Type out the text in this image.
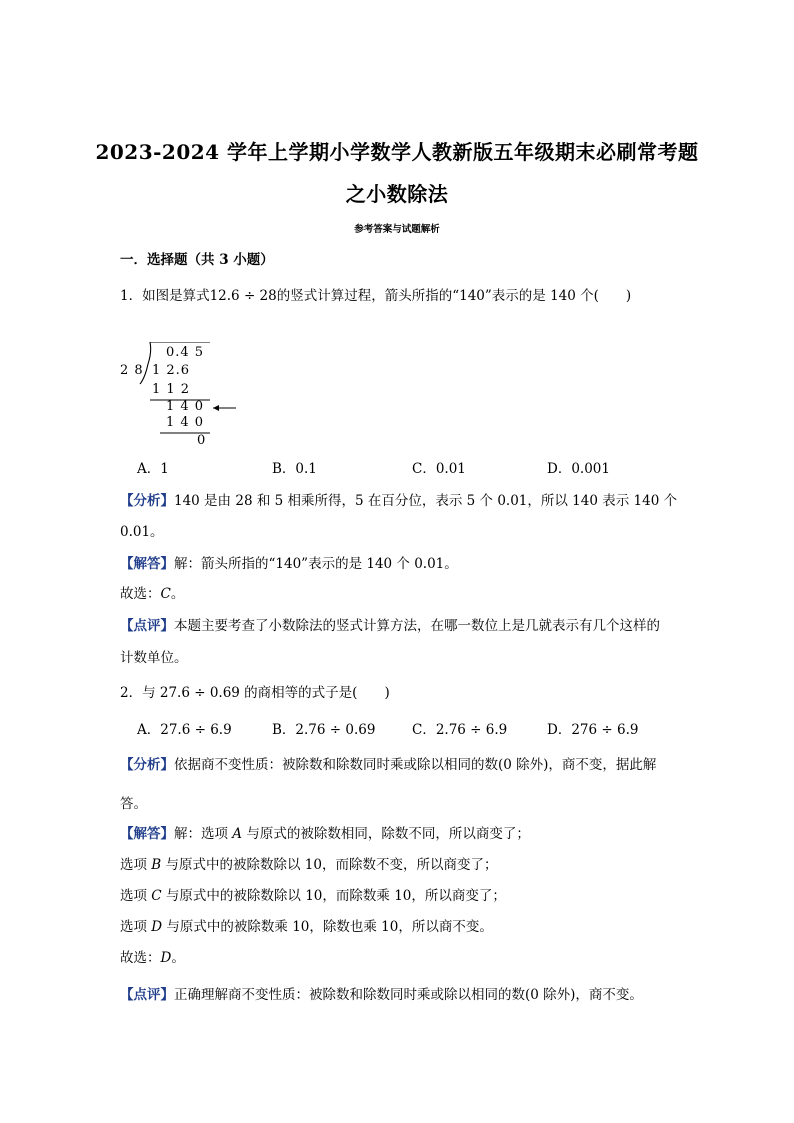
2023-2024 学年上学期小学数学人教新版五年级期末必刷常考题
之小数除法
参考答案与试题解析
一．选择题（共 3 小题）
1．如图是算式12.6 ÷ 28的竖式计算过程，箭头所指的“140”表示的是 140 个(　　)
0.4 5
2 8 1 2.6
1 1 2
1 4 0
1 4 0
0
A．1	B．0.1	C．0.01	D．0.001
【分析】140 是由 28 和 5 相乘所得，5 在百分位，表示 5 个 0.01，所以 140 表示 140 个
0.01。
【解答】解：箭头所指的“140”表示的是 140 个 0.01。
故选：C。
【点评】本题主要考查了小数除法的竖式计算方法，在哪一数位上是几就表示有几个这样的
计数单位。
2．与 27.6 ÷ 0.69 的商相等的式子是(　　)
A．27.6 ÷ 6.9	B．2.76 ÷ 0.69	C．2.76 ÷ 6.9	D．276 ÷ 6.9
【分析】依据商不变性质：被除数和除数同时乘或除以相同的数(0 除外)，商不变，据此解
答。
【解答】解：选项 A 与原式的被除数相同，除数不同，所以商变了；
选项 B 与原式中的被除数除以 10，而除数不变，所以商变了；
选项 C 与原式中的被除数除以 10，而除数乘 10，所以商变了；
选项 D 与原式中的被除数乘 10，除数也乘 10，所以商不变。
故选：D。
【点评】正确理解商不变性质：被除数和除数同时乘或除以相同的数(0 除外)，商不变。
